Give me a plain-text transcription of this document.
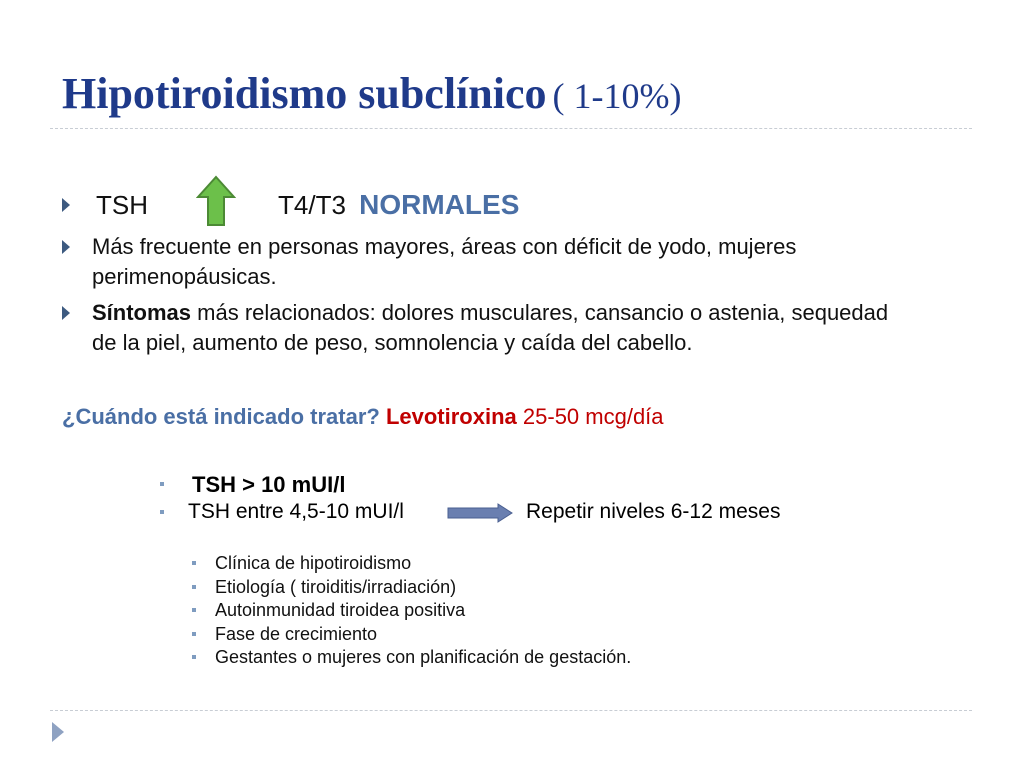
Hipotiroidismo subclínico ( 1-10%)
TSH	T4/T3 NORMALES
Más frecuente en personas mayores, áreas con déficit de yodo, mujeres
perimenopáusicas.
Síntomas más relacionados: dolores musculares, cansancio o astenia, sequedad
de la piel, aumento de peso, somnolencia y caída del cabello.
¿Cuándo está indicado tratar? Levotiroxina 25-50 mcg/día
TSH > 10 mUI/l
TSH entre 4,5-10 mUI/l	Repetir niveles 6-12 meses
Clínica de hipotiroidismo
Etiología ( tiroiditis/irradiación)
Autoinmunidad tiroidea positiva
Fase de crecimiento
Gestantes o mujeres con planificación de gestación.
